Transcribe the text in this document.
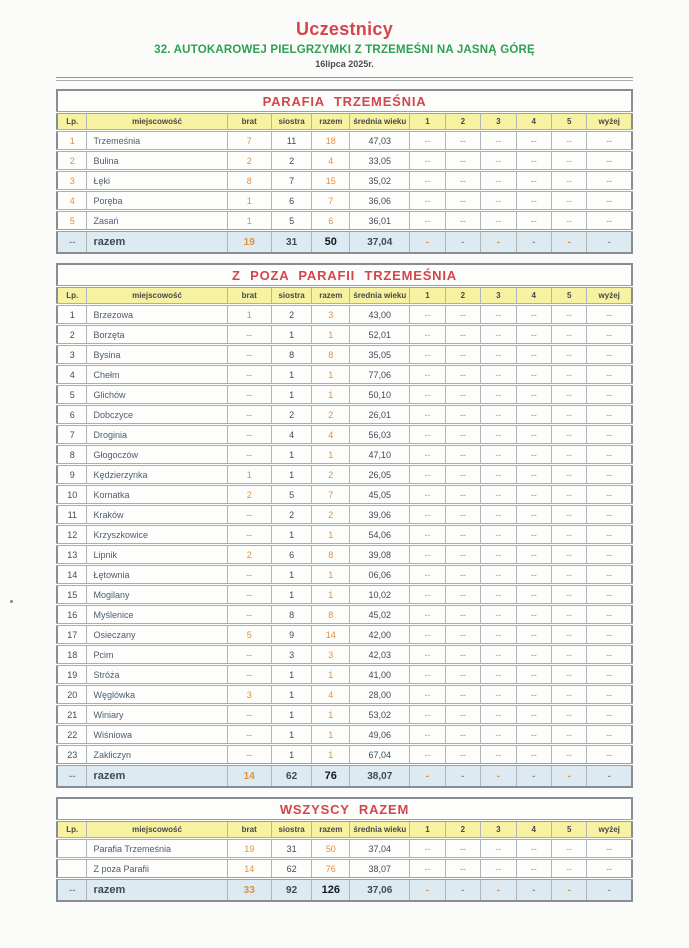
Uczestnicy
32. AUTOKAROWEJ PIELGRZYMKI Z TRZEMEŚNI NA JASNĄ GÓRĘ
16lipca 2025r.
PARAFIA TRZEMEŚNIA											
Lp.	miejscowość	brat	siostra	razem	średnia wieku	1	2	3	4	5	wyżej
1	Trzemeśnia	7	11	18	47,03	--	--	--	--	--	--
2	Bulina	2	2	4	33,05	--	--	--	--	--	--
3	Łęki	8	7	15	35,02	--	--	--	--	--	--
4	Poręba	1	6	7	36,06	--	--	--	--	--	--
5	Zasań	1	5	6	36,01	--	--	--	--	--	--
--	razem	19	31	50	37,04	-	-	-	-	-	-
Z POZA PARAFII TRZEMEŚNIA											
Lp.	miejscowość	brat	siostra	razem	średnia wieku	1	2	3	4	5	wyżej
1	Brzezowa	1	2	3	43,00	--	--	--	--	--	--
2	Borzęta	--	1	1	52,01	--	--	--	--	--	--
3	Bysina	--	8	8	35,05	--	--	--	--	--	--
4	Chełm	--	1	1	77,06	--	--	--	--	--	--
5	Glichów	--	1	1	50,10	--	--	--	--	--	--
6	Dobczyce	--	2	2	26,01	--	--	--	--	--	--
7	Droginia	--	4	4	56,03	--	--	--	--	--	--
8	Głogoczów	--	1	1	47,10	--	--	--	--	--	--
9	Kędzierzynka	1	1	2	26,05	--	--	--	--	--	--
10	Kornatka	2	5	7	45,05	--	--	--	--	--	--
11	Kraków	--	2	2	39,06	--	--	--	--	--	--
12	Krzyszkowice	--	1	1	54,06	--	--	--	--	--	--
13	Lipnik	2	6	8	39,08	--	--	--	--	--	--
14	Łętownia	--	1	1	06,06	--	--	--	--	--	--
15	Mogilany	--	1	1	10,02	--	--	--	--	--	--
16	Myślenice	--	8	8	45,02	--	--	--	--	--	--
17	Osieczany	5	9	14	42,00	--	--	--	--	--	--
18	Pcim	--	3	3	42,03	--	--	--	--	--	--
19	Stróża	--	1	1	41,00	--	--	--	--	--	--
20	Węglówka	3	1	4	28,00	--	--	--	--	--	--
21	Winiary	--	1	1	53,02	--	--	--	--	--	--
22	Wiśniowa	--	1	1	49,06	--	--	--	--	--	--
23	Zakliczyn	--	1	1	67,04	--	--	--	--	--	--
--	razem	14	62	76	38,07	-	-	-	-	-	-
WSZYSCY RAZEM											
Lp.	miejscowość	brat	siostra	razem	średnia wieku	1	2	3	4	5	wyżej
	Parafia Trzemeśnia	19	31	50	37,04	--	--	--	--	--	--
	Z poza Parafii	14	62	76	38,07	--	--	--	--	--	--
--	razem	33	92	126	37,06	-	-	-	-	-	-
